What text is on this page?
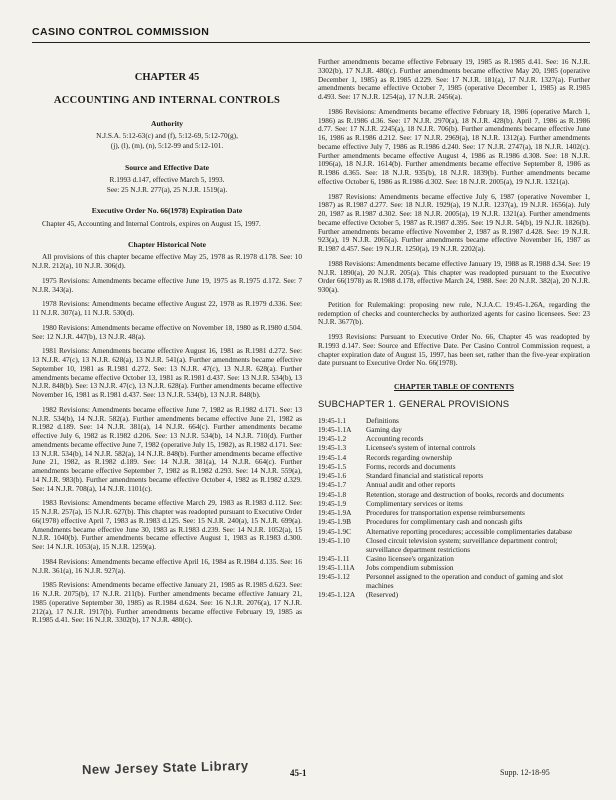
CASINO CONTROL COMMISSION
CHAPTER 45
ACCOUNTING AND INTERNAL CONTROLS
Authority
N.J.S.A. 5:12-63(c) and (f), 5:12-69, 5:12-70(g),
(j), (l), (m), (n), 5:12-99 and 5:12-101.
Source and Effective Date
R.1993 d.147, effective March 5, 1993.
See: 25 N.J.R. 277(a), 25 N.J.R. 1519(a).
Executive Order No. 66(1978) Expiration Date

Chapter 45, Accounting and Internal Controls, expires on August 15, 1997.

Chapter Historical Note

All provisions of this chapter became effective May 25, 1978 as R.1978 d.178. See: 10 N.J.R. 212(a), 10 N.J.R. 306(d).

1975 Revisions: Amendments became effective June 19, 1975 as R.1975 d.172. See: 7 N.J.R. 343(a).

1978 Revisions: Amendments became effective August 22, 1978 as R.1979 d.336. See: 11 N.J.R. 307(a), 11 N.J.R. 530(d).

1980 Revisions: Amendments became effective on November 18, 1980 as R.1980 d.504. See: 12 N.J.R. 447(b), 13 N.J.R. 48(a).

1981 Revisions: Amendments became effective August 16, 1981 as R.1981 d.272. See: 13 N.J.R. 47(c), 13 N.J.R. 628(a), 13 N.J.R. 541(a). Further amendments became effective September 10, 1981 as R.1981 d.272. See: 13 N.J.R. 47(c), 13 N.J.R. 628(a). Further amendments became effective October 13, 1981 as R.1981 d.437. See: 13 N.J.R. 534(b), 13 N.J.R. 848(b). See: 13 N.J.R. 47(c), 13 N.J.R. 628(a). Further amendments became effective November 16, 1981 as R.1981 d.437. See: 13 N.J.R. 534(b), 13 N.J.R. 848(b).

1982 Revisions: Amendments became effective June 7, 1982 as R.1982 d.171. See: 13 N.J.R. 534(b), 14 N.J.R. 582(a). Further amendments became effective June 21, 1982 as R.1982 d.189. See: 14 N.J.R. 381(a), 14 N.J.R. 664(c). Further amendments became effective July 6, 1982 as R.1982 d.206. See: 13 N.J.R. 534(b), 14 N.J.R. 710(d). Further amendments became effective June 7, 1982 (operative July 15, 1982), as R.1982 d.171. See: 13 N.J.R. 534(b), 14 N.J.R. 582(a), 14 N.J.R. 848(b). Further amendments became effective June 21, 1982, as R.1982 d.189. See: 14 N.J.R. 381(a), 14 N.J.R. 664(c). Further amendments became effective September 7, 1982 as R.1982 d.293. See: 14 N.J.R. 559(a), 14 N.J.R. 983(b). Further amendments became effective October 4, 1982 as R.1982 d.329. See: 14 N.J.R. 708(a), 14 N.J.R. 1101(c).

1983 Revisions: Amendments became effective March 29, 1983 as R.1983 d.112. See: 15 N.J.R. 257(a), 15 N.J.R. 627(b). This chapter was readopted pursuant to Executive Order 66(1978) effective April 7, 1983 as R.1983 d.125. See: 15 N.J.R. 240(a), 15 N.J.R. 699(a). Amendments became effective June 30, 1983 as R.1983 d.239. See: 14 N.J.R. 1052(a), 15 N.J.R. 1040(b). Further amendments became effective August 1, 1983 as R.1983 d.300. See: 14 N.J.R. 1053(a), 15 N.J.R. 1259(a).

1984 Revisions: Amendments became effective April 16, 1984 as R.1984 d.135. See: 16 N.J.R. 361(a), 16 N.J.R. 927(a).

1985 Revisions: Amendments became effective January 21, 1985 as R.1985 d.623. See: 16 N.J.R. 2075(b), 17 N.J.R. 211(b). Further amendments became effective January 21, 1985 (operative September 30, 1985) as R.1984 d.624. See: 16 N.J.R. 2076(a), 17 N.J.R. 212(a), 17 N.J.R. 1917(b). Further amendments became effective February 19, 1985 as R.1985 d.41. See: 16 N.J.R. 3302(b), 17 N.J.R. 480(c).

Further amendments became effective February 19, 1985 as R.1985 d.41. See: 16 N.J.R. 3302(b), 17 N.J.R. 480(c). Further amendments became effective May 20, 1985 (operative December 1, 1985) as R.1985 d.229. See: 17 N.J.R. 181(a), 17 N.J.R. 1327(a). Further amendments became effective October 7, 1985 (operative December 1, 1985) as R.1985 d.493. See: 17 N.J.R. 1254(a), 17 N.J.R. 2456(a).

1986 Revisions: Amendments became effective February 18, 1986 (operative March 1, 1986) as R.1986 d.36. See: 17 N.J.R. 2970(a), 18 N.J.R. 428(b). April 7, 1986 as R.1986 d.77. See: 17 N.J.R. 2245(a), 18 N.J.R. 706(b). Further amendments became effective June 16, 1986 as R.1986 d.212. See: 17 N.J.R. 2969(a), 18 N.J.R. 1312(a). Further amendments became effective July 7, 1986 as R.1986 d.240. See: 17 N.J.R. 2747(a), 18 N.J.R. 1402(c). Further amendments became effective August 4, 1986 as R.1986 d.308. See: 18 N.J.R. 1096(a), 18 N.J.R. 1614(b). Further amendments became effective September 8, 1986 as R.1986 d.365. See: 18 N.J.R. 935(b), 18 N.J.R. 1839(b). Further amendments became effective October 6, 1986 as R.1986 d.302. See: 18 N.J.R. 2005(a), 19 N.J.R. 1321(a).

1987 Revisions: Amendments became effective July 6, 1987 (operative November 1, 1987) as R.1987 d.277. See: 18 N.J.R. 1929(a), 19 N.J.R. 1237(a), 19 N.J.R. 1656(a). July 20, 1987 as R.1987 d.302. See: 18 N.J.R. 2005(a), 19 N.J.R. 1321(a). Further amendments became effective October 5, 1987 as R.1987 d.395. See: 19 N.J.R. 54(b), 19 N.J.R. 1826(b). Further amendments became effective November 2, 1987 as R.1987 d.428. See: 19 N.J.R. 923(a), 19 N.J.R. 2065(a). Further amendments became effective November 16, 1987 as R.1987 d.457. See: 19 N.J.R. 1250(a), 19 N.J.R. 2202(a).

1988 Revisions: Amendments became effective January 19, 1988 as R.1988 d.34. See: 19 N.J.R. 1890(a), 20 N.J.R. 205(a). This chapter was readopted pursuant to the Executive Order 66(1978) as R.1988 d.178, effective March 24, 1988. See: 20 N.J.R. 382(a), 20 N.J.R. 930(a).

Petition for Rulemaking: proposing new rule, N.J.A.C. 19:45-1.26A, regarding the redemption of checks and counterchecks by authorized agents for casino licensees. See: 23 N.J.R. 3677(b).

1993 Revisions: Pursuant to Executive Order No. 66, Chapter 45 was readopted by R.1993 d.147. See: Source and Effective Date. Per Casino Control Commission request, a chapter expiration date of August 15, 1997, has been set, rather than the five-year expiration date pursuant to Executive Order No. 66(1978).

CHAPTER TABLE OF CONTENTS
SUBCHAPTER 1. GENERAL PROVISIONS
19:45-1.1	Definitions
19:45-1.1A	Gaming day
19:45-1.2	Accounting records
19:45-1.3	Licensee's system of internal controls
19:45-1.4	Records regarding ownership
19:45-1.5	Forms, records and documents
19:45-1.6	Standard financial and statistical reports
19:45-1.7	Annual audit and other reports
19:45-1.8	Retention, storage and destruction of books, records and documents
19:45-1.9	Complimentary services or items
19:45-1.9A	Procedures for transportation expense reimbursements
19:45-1.9B	Procedures for complimentary cash and noncash gifts
19:45-1.9C	Alternative reporting procedures; accessible complimentaries database
19:45-1.10	Closed circuit television system; surveillance department control; surveillance department restrictions
19:45-1.11	Casino licensee's organization
19:45-1.11A	Jobs compendium submission
19:45-1.12	Personnel assigned to the operation and conduct of gaming and slot machines
19:45-1.12A	(Reserved)
New Jersey State Library	45-1	Supp. 12-18-95
